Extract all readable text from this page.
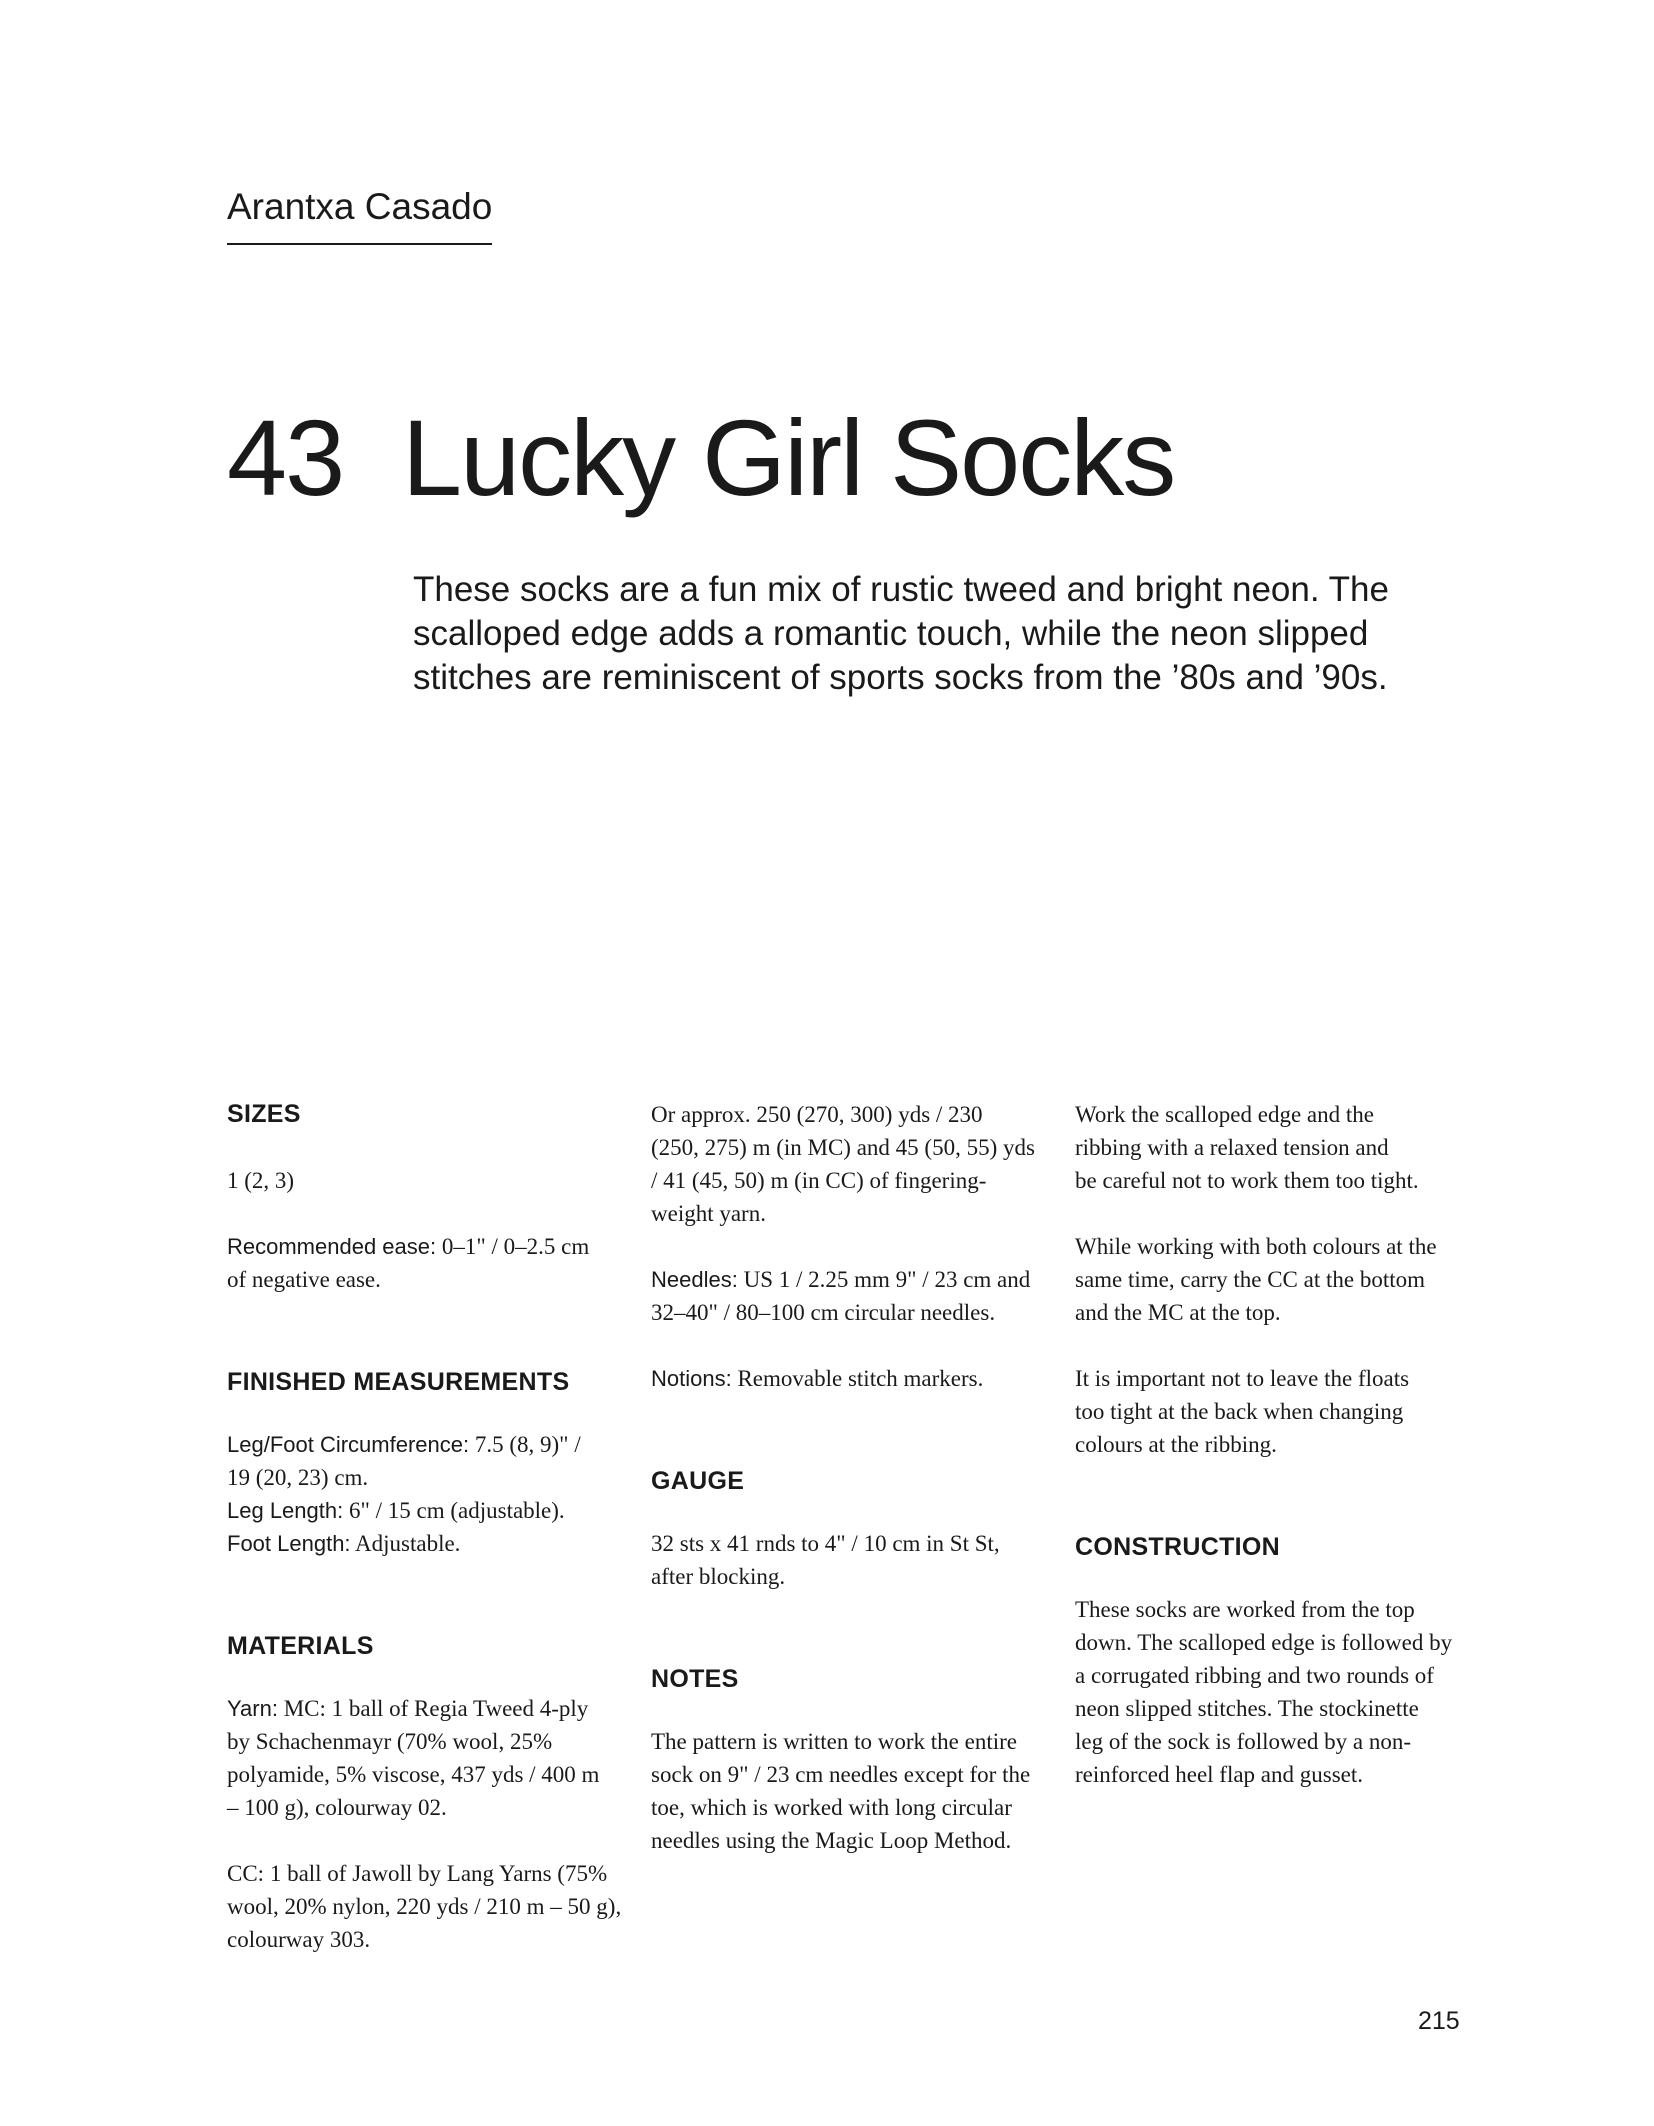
Arantxa Casado
43 Lucky Girl Socks
These socks are a fun mix of rustic tweed and bright neon. The
scalloped edge adds a romantic touch, while the neon slipped
stitches are reminiscent of sports socks from the ’80s and ’90s.
SIZES
1 (2, 3)
Recommended ease: 0–1" / 0–2.5 cm
of negative ease.
FINISHED MEASUREMENTS
Leg/Foot Circumference: 7.5 (8, 9)" /
19 (20, 23) cm.
Leg Length: 6" / 15 cm (adjustable).
Foot Length: Adjustable.
MATERIALS
Yarn: MC: 1 ball of Regia Tweed 4-ply
by Schachenmayr (70% wool, 25%
polyamide, 5% viscose, 437 yds / 400 m
– 100 g), colourway 02.
CC: 1 ball of Jawoll by Lang Yarns (75%
wool, 20% nylon, 220 yds / 210 m – 50 g),
colourway 303.
Or approx. 250 (270, 300) yds / 230
(250, 275) m (in MC) and 45 (50, 55) yds
/ 41 (45, 50) m (in CC) of fingering-
weight yarn.
Needles: US 1 / 2.25 mm 9" / 23 cm and
32–40" / 80–100 cm circular needles.
Notions: Removable stitch markers.
GAUGE
32 sts x 41 rnds to 4" / 10 cm in St St,
after blocking.
NOTES
The pattern is written to work the entire
sock on 9" / 23 cm needles except for the
toe, which is worked with long circular
needles using the Magic Loop Method.
Work the scalloped edge and the
ribbing with a relaxed tension and
be careful not to work them too tight.
While working with both colours at the
same time, carry the CC at the bottom
and the MC at the top.
It is important not to leave the floats
too tight at the back when changing
colours at the ribbing.
CONSTRUCTION
These socks are worked from the top
down. The scalloped edge is followed by
a corrugated ribbing and two rounds of
neon slipped stitches. The stockinette
leg of the sock is followed by a non-
reinforced heel flap and gusset.
215
